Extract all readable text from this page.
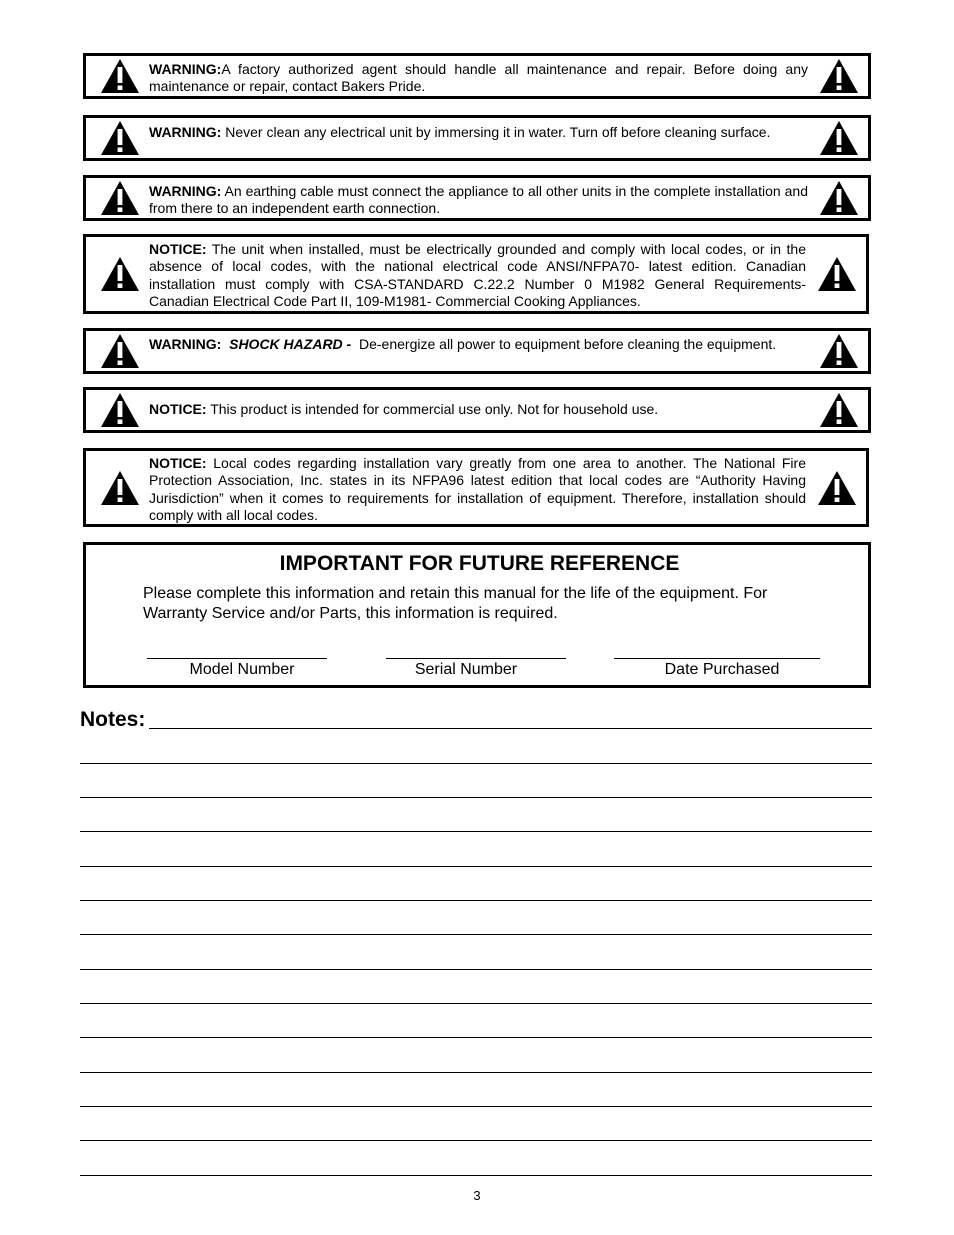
WARNING:A factory authorized agent should handle all maintenance and repair. Before doing any maintenance or repair, contact Bakers Pride.
WARNING: Never clean any electrical unit by immersing it in water. Turn off before cleaning surface.
WARNING: An earthing cable must connect the appliance to all other units in the complete installation and from there to an independent earth connection.
NOTICE: The unit when installed, must be electrically grounded and comply with local codes, or in the absence of local codes, with the national electrical code ANSI/NFPA70- latest edition. Canadian installation must comply with CSA-STANDARD C.22.2 Number 0 M1982 General Requirements-Canadian Electrical Code Part II, 109-M1981- Commercial Cooking Appliances.
WARNING: SHOCK HAZARD - De-energize all power to equipment before cleaning the equipment.
NOTICE: This product is intended for commercial use only. Not for household use.
NOTICE: Local codes regarding installation vary greatly from one area to another. The National Fire Protection Association, Inc. states in its NFPA96 latest edition that local codes are “Authority Having Jurisdiction” when it comes to requirements for installation of equipment. Therefore, installation should comply with all local codes.
IMPORTANT FOR FUTURE REFERENCE
Please complete this information and retain this manual for the life of the equipment. For Warranty Service and/or Parts, this information is required.
Model Number	Serial Number	Date Purchased
Notes:
3
